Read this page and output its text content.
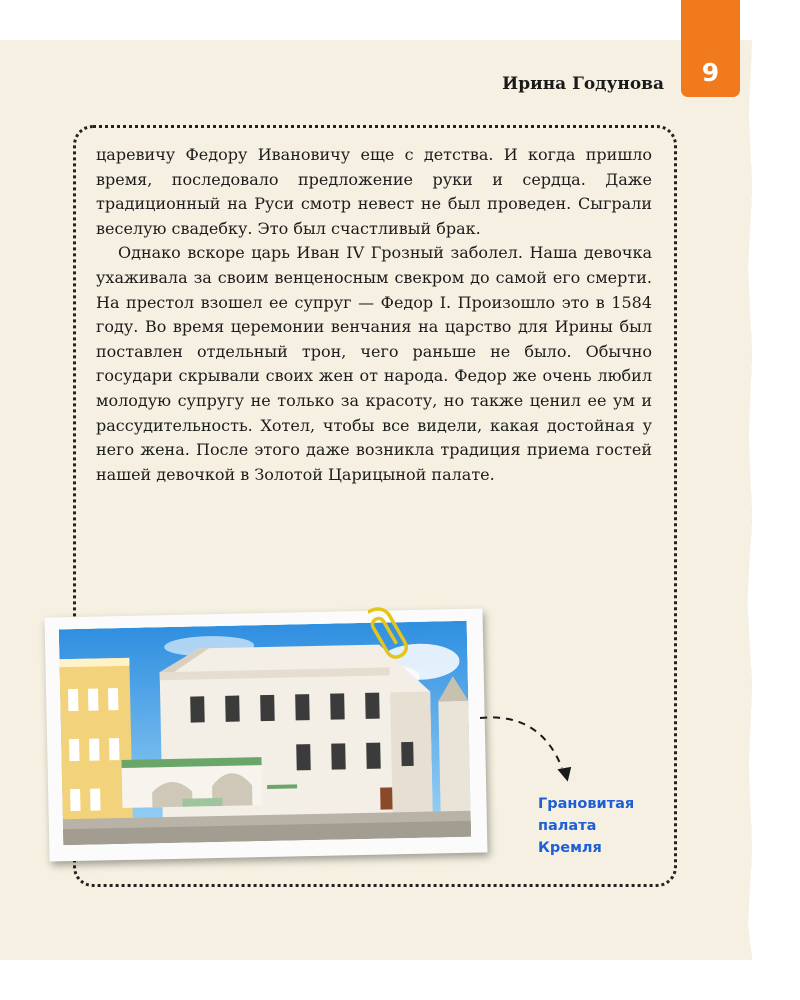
9
Ирина Годунова

царевичу Федору Ивановичу еще с детства. И когда пришло время, последовало предложение руки и сердца. Даже традиционный на Руси смотр невест не был проведен. Сыграли веселую свадебку. Это был счастливый брак.

Однако вскоре царь Иван IV Грозный заболел. Наша девочка ухаживала за своим венценосным свекром до самой его смерти. На престол взошел ее супруг — Федор I. Произошло это в 1584 году. Во время церемонии венчания на царство для Ирины был поставлен отдельный трон, чего раньше не было. Обычно государи скрывали своих жен от народа. Федор же очень любил молодую супругу не только за красоту, но также ценил ее ум и рассудительность. Хотел, чтобы все видели, какая достойная у него жена. После этого даже возникла традиция приема гостей нашей девочкой в Золотой Царицыной палате.

Грановитая
палата
Кремля
